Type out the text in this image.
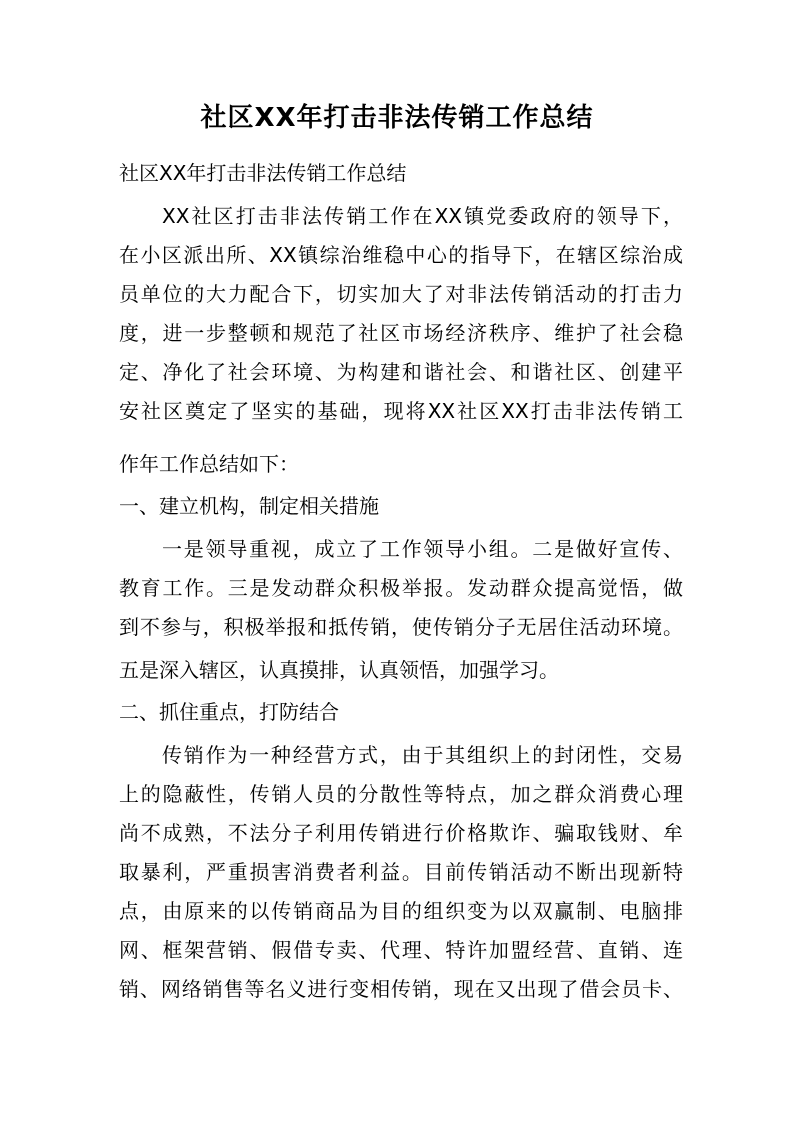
社区XX年打击非法传销工作总结
社区XX年打击非法传销工作总结
XX社区打击非法传销工作在XX镇党委政府的领导下，
在小区派出所、XX镇综治维稳中心的指导下，在辖区综治成
员单位的大力配合下，切实加大了对非法传销活动的打击力
度，进一步整顿和规范了社区市场经济秩序、维护了社会稳
定、净化了社会环境、为构建和谐社会、和谐社区、创建平
安社区奠定了坚实的基础，现将XX社区XX打击非法传销工
作年工作总结如下：
一、建立机构，制定相关措施
一是领导重视，成立了工作领导小组。二是做好宣传、
教育工作。三是发动群众积极举报。发动群众提高觉悟，做
到不参与，积极举报和抵传销，使传销分子无居住活动环境。
五是深入辖区，认真摸排，认真领悟，加强学习。
二、抓住重点，打防结合
传销作为一种经营方式，由于其组织上的封闭性，交易
上的隐蔽性，传销人员的分散性等特点，加之群众消费心理
尚不成熟，不法分子利用传销进行价格欺诈、骗取钱财、牟
取暴利，严重损害消费者利益。目前传销活动不断出现新特
点，由原来的以传销商品为目的组织变为以双赢制、电脑排
网、框架营销、假借专卖、代理、特许加盟经营、直销、连
销、网络销售等名义进行变相传销，现在又出现了借会员卡、
